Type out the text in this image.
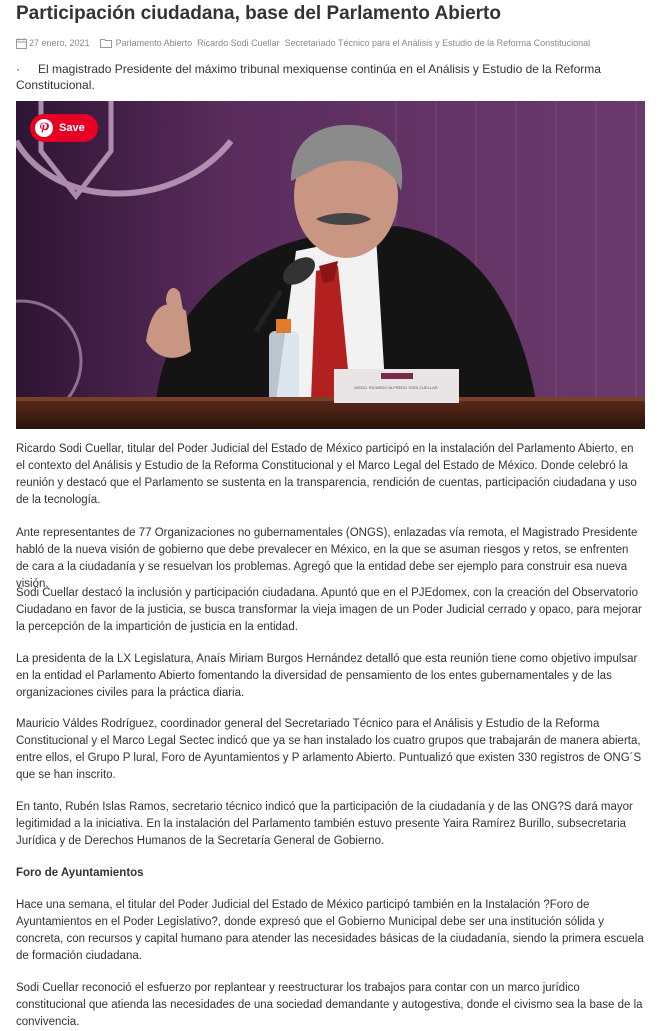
Participación ciudadana, base del Parlamento Abierto
27 enero, 2021	Parlamento Abierto Ricardo Sodi Cuellar Secretariado Técnico para el Análisis y Estudio de la Reforma Constitucional
· El magistrado Presidente del máximo tribunal mexiquense continúa en el Análisis y Estudio de la Reforma Constitucional.
MGDO. RICARDO ALFREDO SODI CUELLAR
Save

Ricardo Sodi Cuellar, titular del Poder Judicial del Estado de México participó en la instalación del Parlamento Abierto, en el contexto del Análisis y Estudio de la Reforma Constitucional y el Marco Legal del Estado de México. Donde celebró la reunión y destacó que el Parlamento se sustenta en la transparencia, rendición de cuentas, participación ciudadana y uso de la tecnología.

Ante representantes de 77 Organizaciones no gubernamentales (ONGS), enlazadas vía remota, el Magistrado Presidente habló de la nueva visión de gobierno que debe prevalecer en México, en la que se asuman riesgos y retos, se enfrenten de cara a la ciudadanía y se resuelvan los problemas. Agregó que la entidad debe ser ejemplo para construir esa nueva visión.

Sodi Cuellar destacó la inclusión y participación ciudadana. Apuntó que en el PJEdomex, con la creación del Observatorio Ciudadano en favor de la justicia, se busca transformar la vieja imagen de un Poder Judicial cerrado y opaco, para mejorar la percepción de la impartición de justicia en la entidad.

La presidenta de la LX Legislatura, Anaís Miriam Burgos Hernández detalló que esta reunión tiene como objetivo impulsar en la entidad el Parlamento Abierto fomentando la diversidad de pensamiento de los entes gubernamentales y de las organizaciones civiles para la práctica diaria.

Mauricio Váldes Rodríguez, coordinador general del Secretariado Técnico para el Análisis y Estudio de la Reforma Constitucional y el Marco Legal Sectec indicó que ya se han instalado los cuatro grupos que trabajarán de manera abierta, entre ellos, el Grupo P lural, Foro de Ayuntamientos y P arlamento Abierto. Puntualizó que existen 330 registros de ONG´S que se han inscrito.

En tanto, Rubén Islas Ramos, secretario técnico indicó que la participación de la ciudadanía y de las ONG?S dará mayor legitimidad a la iniciativa. En la instalación del Parlamento también estuvo presente Yaira Ramírez Burillo, subsecretaria Jurídica y de Derechos Humanos de la Secretaría General de Gobierno.

Foro de Ayuntamientos

Hace una semana, el titular del Poder Judicial del Estado de México participó también en la Instalación ?Foro de Ayuntamientos en el Poder Legislativo?, donde expresó que el Gobierno Municipal debe ser una institución sólida y concreta, con recursos y capital humano para atender las necesidades básicas de la ciudadanía, siendo la primera escuela de formación ciudadana.

Sodi Cuellar reconoció el esfuerzo por replantear y reestructurar los trabajos para contar con un marco jurídico constitucional que atienda las necesidades de una sociedad demandante y autogestiva, donde el civismo sea la base de la convivencia.
